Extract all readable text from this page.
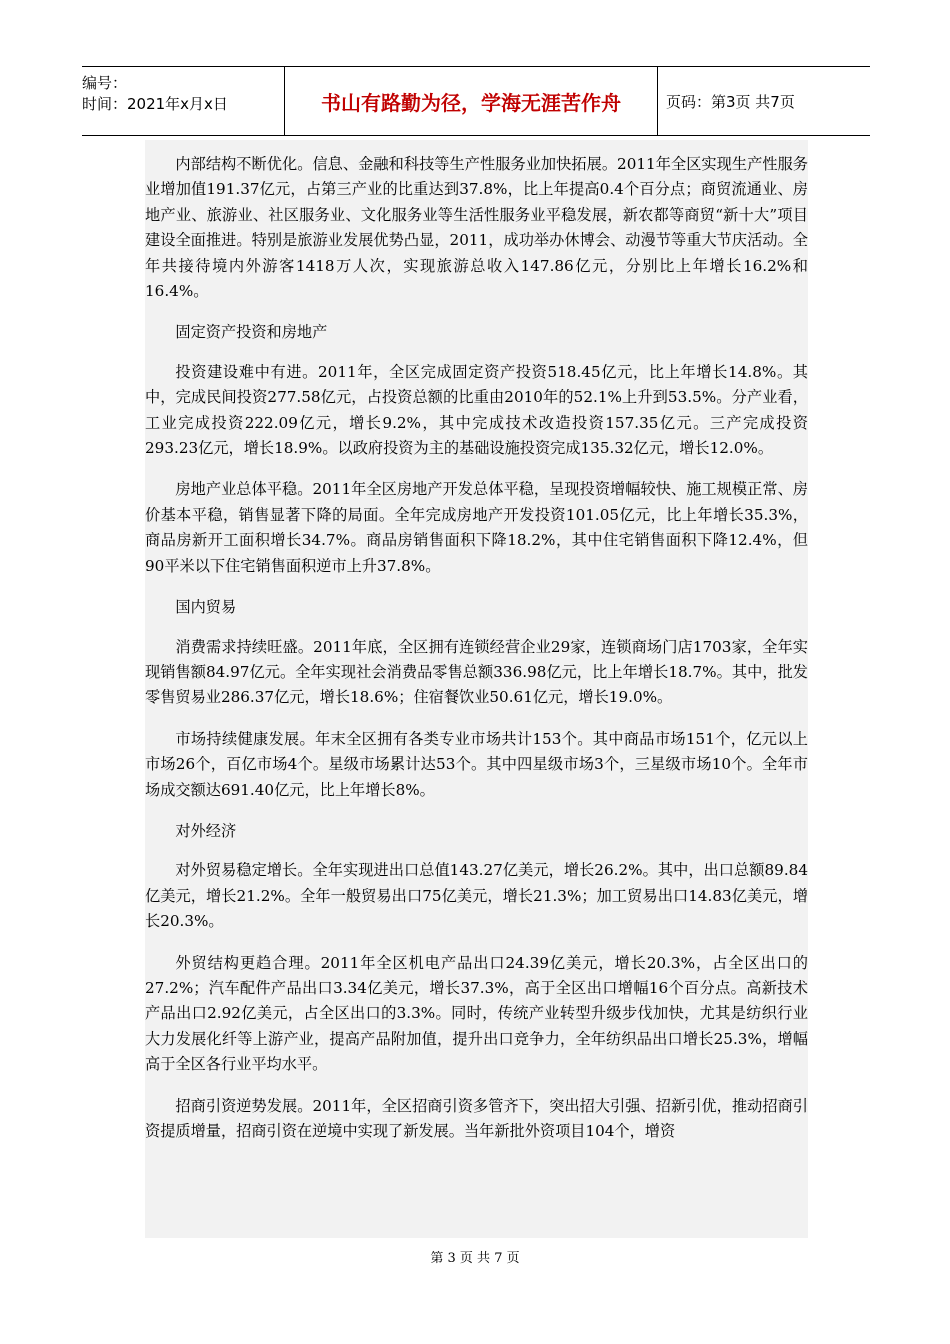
编号：
时间：2021年x月x日	书山有路勤为径，学海无涯苦作舟	页码：第3页 共7页

内部结构不断优化。信息、金融和科技等生产性服务业加快拓展。2011年全区实现生产性服务业增加值191.37亿元，占第三产业的比重达到37.8%，比上年提高0.4个百分点；商贸流通业、房地产业、旅游业、社区服务业、文化服务业等生活性服务业平稳发展，新农都等商贸“新十大”项目建设全面推进。特别是旅游业发展优势凸显，2011，成功举办休博会、动漫节等重大节庆活动。全年共接待境内外游客1418万人次，实现旅游总收入147.86亿元，分别比上年增长16.2%和16.4%。

固定资产投资和房地产

投资建设难中有进。2011年，全区完成固定资产投资518.45亿元，比上年增长14.8%。其中，完成民间投资277.58亿元，占投资总额的比重由2010年的52.1%上升到53.5%。分产业看，工业完成投资222.09亿元，增长9.2%，其中完成技术改造投资157.35亿元。三产完成投资293.23亿元，增长18.9%。以政府投资为主的基础设施投资完成135.32亿元，增长12.0%。

房地产业总体平稳。2011年全区房地产开发总体平稳，呈现投资增幅较快、施工规模正常、房价基本平稳，销售显著下降的局面。全年完成房地产开发投资101.05亿元，比上年增长35.3%，商品房新开工面积增长34.7%。商品房销售面积下降18.2%，其中住宅销售面积下降12.4%，但90平米以下住宅销售面积逆市上升37.8%。

国内贸易

消费需求持续旺盛。2011年底，全区拥有连锁经营企业29家，连锁商场门店1703家，全年实现销售额84.97亿元。全年实现社会消费品零售总额336.98亿元，比上年增长18.7%。其中，批发零售贸易业286.37亿元，增长18.6%；住宿餐饮业50.61亿元，增长19.0%。

市场持续健康发展。年末全区拥有各类专业市场共计153个。其中商品市场151个，亿元以上市场26个，百亿市场4个。星级市场累计达53个。其中四星级市场3个，三星级市场10个。全年市场成交额达691.40亿元，比上年增长8%。

对外经济

对外贸易稳定增长。全年实现进出口总值143.27亿美元，增长26.2%。其中，出口总额89.84亿美元，增长21.2%。全年一般贸易出口75亿美元，增长21.3%；加工贸易出口14.83亿美元，增长20.3%。

外贸结构更趋合理。2011年全区机电产品出口24.39亿美元，增长20.3%，占全区出口的27.2%；汽车配件产品出口3.34亿美元，增长37.3%，高于全区出口增幅16个百分点。高新技术产品出口2.92亿美元，占全区出口的3.3%。同时，传统产业转型升级步伐加快，尤其是纺织行业大力发展化纤等上游产业，提高产品附加值，提升出口竞争力，全年纺织品出口增长25.3%，增幅高于全区各行业平均水平。

招商引资逆势发展。2011年，全区招商引资多管齐下，突出招大引强、招新引优，推动招商引资提质增量，招商引资在逆境中实现了新发展。当年新批外资项目104个，增资

第 3 页 共 7 页
